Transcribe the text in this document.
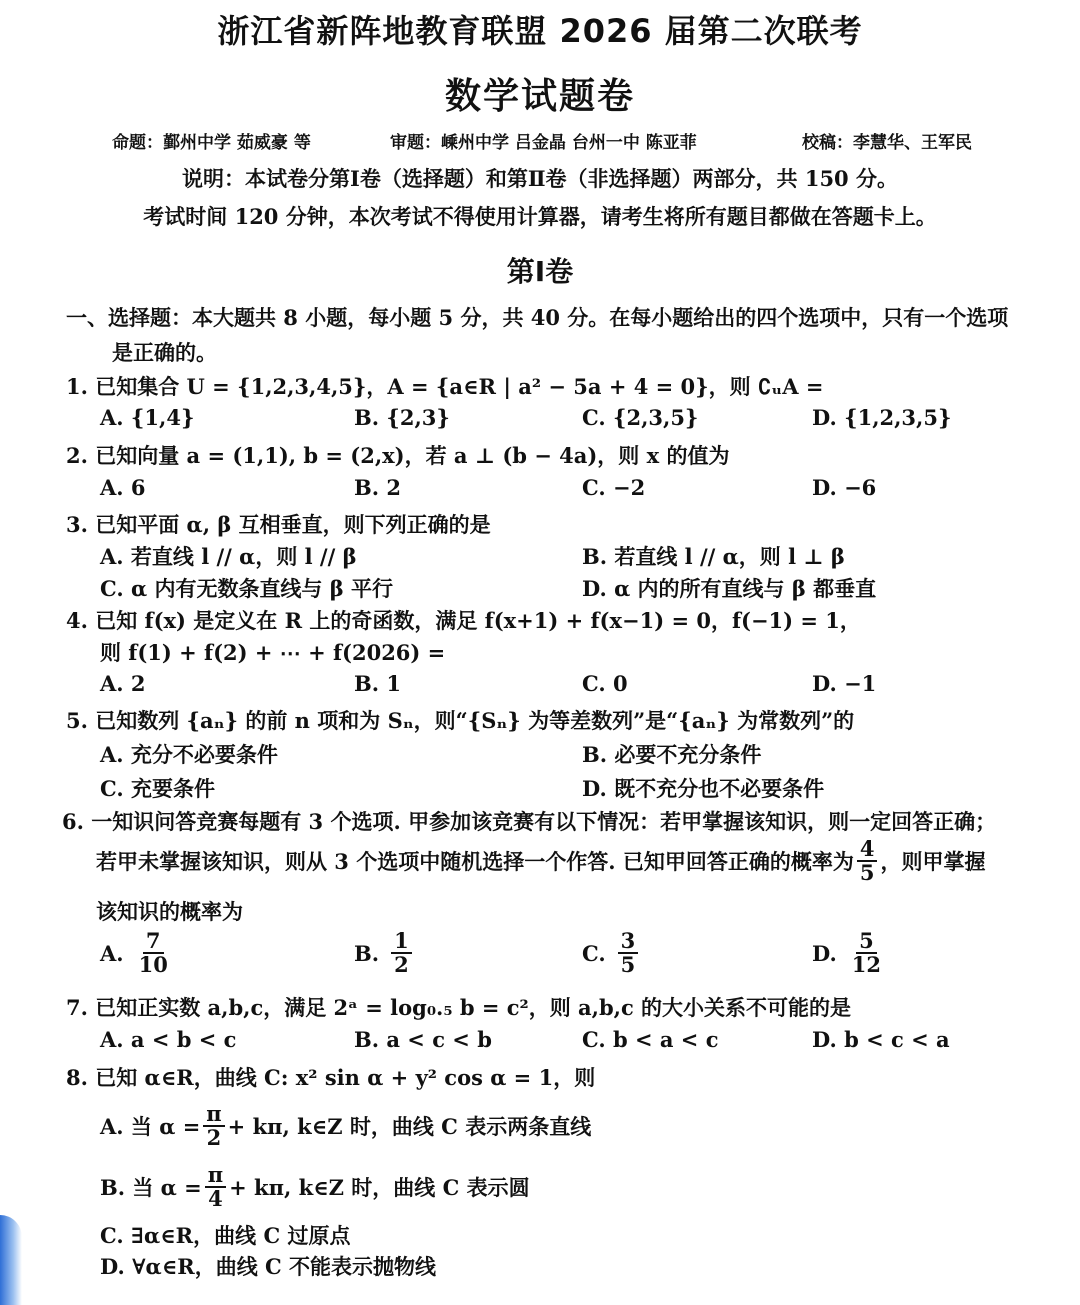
浙江省新阵地教育联盟 2026 届第二次联考
数学试题卷
命题：鄞州中学 茹威豪 等	审题：嵊州中学 吕金晶 台州一中 陈亚菲	校稿：李慧华、王军民
说明：本试卷分第Ⅰ卷（选择题）和第Ⅱ卷（非选择题）两部分，共 150 分。
考试时间 120 分钟，本次考试不得使用计算器，请考生将所有题目都做在答题卡上。
第Ⅰ卷
一、选择题：本大题共 8 小题，每小题 5 分，共 40 分。在每小题给出的四个选项中，只有一个选项
是正确的。
1. 已知集合 U = {1,2,3,4,5}，A = {a∈R | a² − 5a + 4 = 0}，则 ∁ᵤA =
A. {1,4}	B. {2,3}	C. {2,3,5}	D. {1,2,3,5}
2. 已知向量 a = (1,1), b = (2,x)，若 a ⊥ (b − 4a)，则 x 的值为
A. 6	B. 2	C. −2	D. −6
3. 已知平面 α, β 互相垂直，则下列正确的是
A. 若直线 l // α，则 l // β	B. 若直线 l // α，则 l ⊥ β
C. α 内有无数条直线与 β 平行	D. α 内的所有直线与 β 都垂直
4. 已知 f(x) 是定义在 R 上的奇函数，满足 f(x+1) + f(x−1) = 0，f(−1) = 1，
则 f(1) + f(2) + ⋯ + f(2026) =
A. 2	B. 1	C. 0	D. −1
5. 已知数列 {aₙ} 的前 n 项和为 Sₙ，则“{Sₙ} 为等差数列”是“{aₙ} 为常数列”的
A. 充分不必要条件	B. 必要不充分条件
C. 充要条件	D. 既不充分也不必要条件
6. 一知识问答竞赛每题有 3 个选项. 甲参加该竞赛有以下情况：若甲掌握该知识，则一定回答正确；
若甲未掌握该知识，则从 3 个选项中随机选择一个作答. 已知甲回答正确的概率为 $\frac{4}{5}$ ，则甲掌握
该知识的概率为
A. $\frac{7}{10}$	B. $\frac{1}{2}$	C. $\frac{3}{5}$	D. $\frac{5}{12}$
7. 已知正实数 a,b,c，满足 2ᵃ = log₀.₅ b = c²，则 a,b,c 的大小关系不可能的是
A. a < b < c	B. a < c < b	C. b < a < c	D. b < c < a
8. 已知 α∈R，曲线 C: x² sin α + y² cos α = 1，则
A. 当 $\alpha = \frac{\pi}{2} + k\pi$, k∈Z 时，曲线 C 表示两条直线
B. 当 $\alpha = \frac{\pi}{4} + k\pi$, k∈Z 时，曲线 C 表示圆
C. ∃α∈R，曲线 C 过原点
D. ∀α∈R，曲线 C 不能表示抛物线
